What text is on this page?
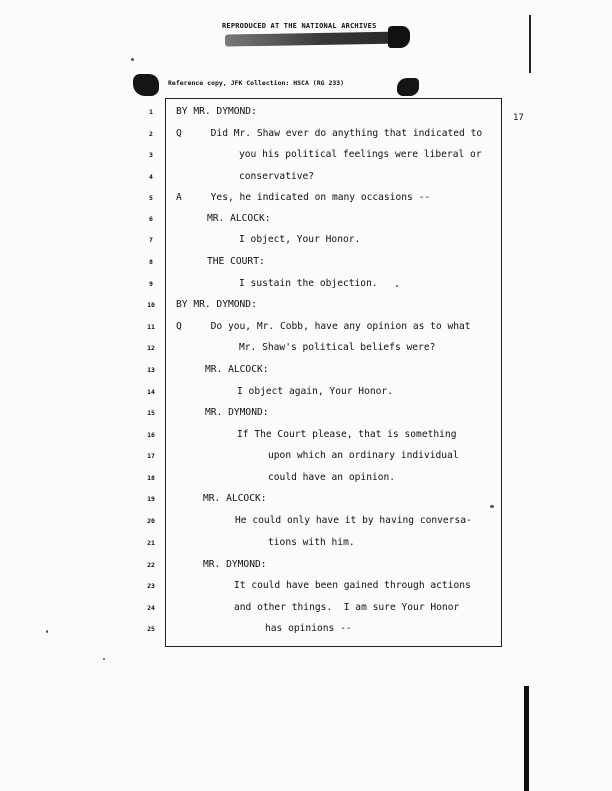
REPRODUCED AT THE NATIONAL ARCHIVES
Reference copy, JFK Collection: HSCA (RG 233)
17
1
2
3
4
5
6
7
8
9
10
11
12
13
14
15
16
17
18
19
20
21
22
23
24
25
BY MR. DYMOND:
Q     Did Mr. Shaw ever do anything that indicated to
you his political feelings were liberal or
conservative?
A     Yes, he indicated on many occasions --
MR. ALCOCK:
I object, Your Honor.
THE COURT:
I sustain the objection.
BY MR. DYMOND:
Q     Do you, Mr. Cobb, have any opinion as to what
Mr. Shaw's political beliefs were?
MR. ALCOCK:
I object again, Your Honor.
MR. DYMOND:
If The Court please, that is something
upon which an ordinary individual
could have an opinion.
MR. ALCOCK:
He could only have it by having conversa-
tions with him.
MR. DYMOND:
It could have been gained through actions
and other things.  I am sure Your Honor
has opinions --
